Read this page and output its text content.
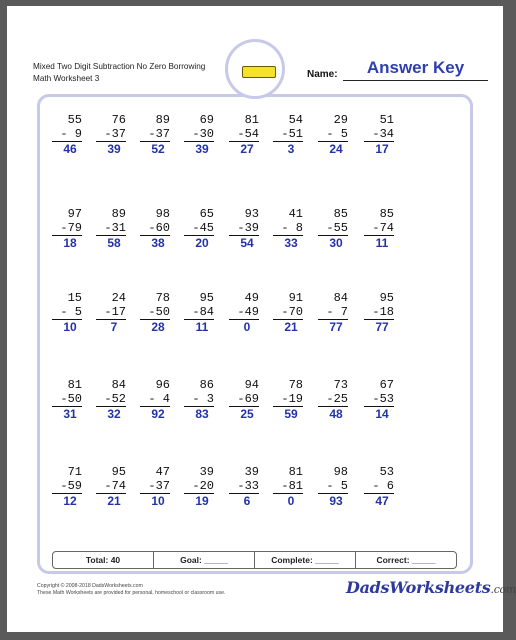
Mixed Two Digit Subtraction No Zero Borrowing
Math Worksheet 3	Name:	Answer Key
55
- 9
46
76
-37
39
89
-37
52
69
-30
39
81
-54
27
54
-51
3
29
- 5
24
51
-34
17
97
-79
18
89
-31
58
98
-60
38
65
-45
20
93
-39
54
41
- 8
33
85
-55
30
85
-74
11
15
- 5
10
24
-17
7
78
-50
28
95
-84
11
49
-49
0
91
-70
21
84
- 7
77
95
-18
77
81
-50
31
84
-52
32
96
- 4
92
86
- 3
83
94
-69
25
78
-19
59
73
-25
48
67
-53
14
71
-59
12
95
-74
21
47
-37
10
39
-20
19
39
-33
6
81
-81
0
98
- 5
93
53
- 6
47
Total: 40	Goal: _____	Complete: _____	Correct: _____
Copyright © 2008-2018 DadsWorksheets.com
These Math Worksheets are provided for personal, homeschool or classroom use.	DadsWorksheets.com
